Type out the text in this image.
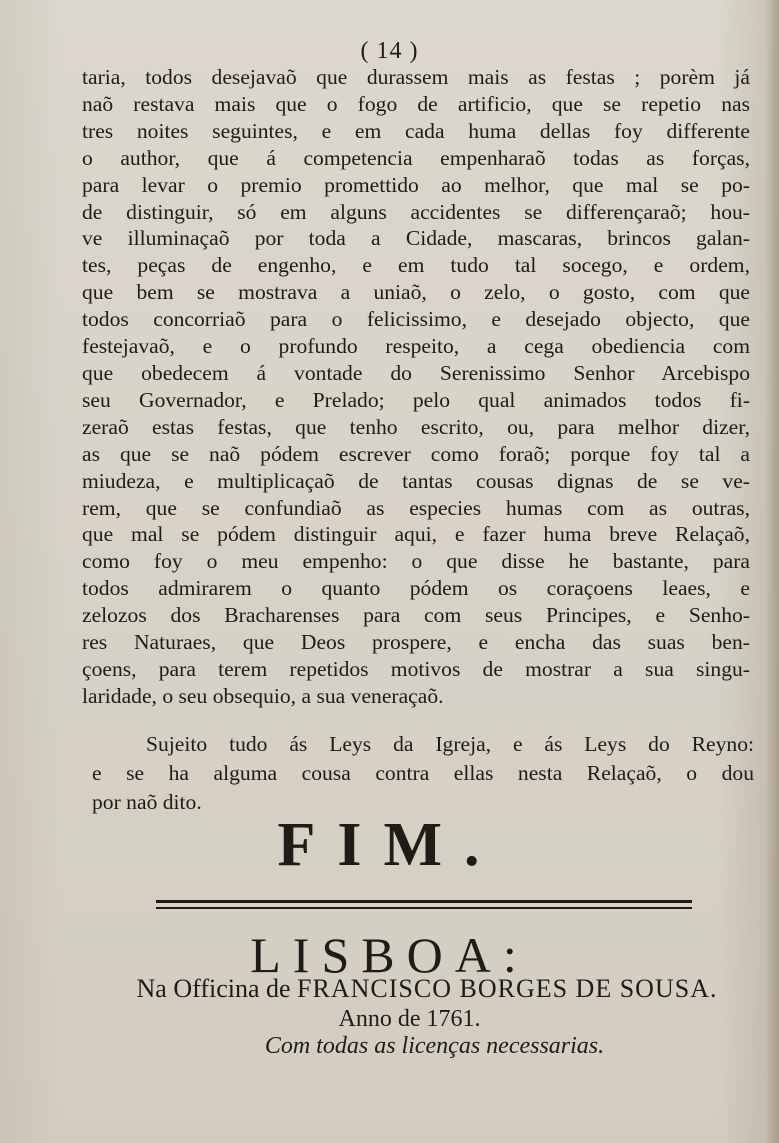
( 14 )
taria, todos desejavaõ que durassem mais as festas ; porèm já
naõ restava mais que o fogo de artificio, que se repetio nas
tres noites seguintes, e em cada huma dellas foy differente
o author, que á competencia empenharaõ todas as forças,
para levar o premio promettido ao melhor, que mal se po-
de distinguir, só em alguns accidentes se differençaraõ; hou-
ve illuminaçaõ por toda a Cidade, mascaras, brincos galan-
tes, peças de engenho, e em tudo tal socego, e ordem,
que bem se mostrava a uniaõ, o zelo, o gosto, com que
todos concorriaõ para o felicissimo, e desejado objecto, que
festejavaõ, e o profundo respeito, a cega obediencia com
que obedecem á vontade do Serenissimo Senhor Arcebispo
seu Governador, e Prelado; pelo qual animados todos fi-
zeraõ estas festas, que tenho escrito, ou, para melhor dizer,
as que se naõ pódem escrever como foraõ; porque foy tal a
miudeza, e multiplicaçaõ de tantas cousas dignas de se ve-
rem, que se confundiaõ as especies humas com as outras,
que mal se pódem distinguir aqui, e fazer huma breve Relaçaõ,
como foy o meu empenho: o que disse he bastante, para
todos admirarem o quanto pódem os coraçoens leaes, e
zelozos dos Bracharenses para com seus Principes, e Senho-
res Naturaes, que Deos prospere, e encha das suas ben-
çoens, para terem repetidos motivos de mostrar a sua singu-
laridade, o seu obsequio, a sua veneraçaõ.
Sujeito tudo ás Leys da Igreja, e ás Leys do Reyno:
e se ha alguma cousa contra ellas nesta Relaçaõ, o dou
por naõ dito.
FIM.
LISBOA:
Na Officina de FRANCISCO BORGES DE SOUSA.
Anno de 1761.
Com todas as licenças necessarias.
